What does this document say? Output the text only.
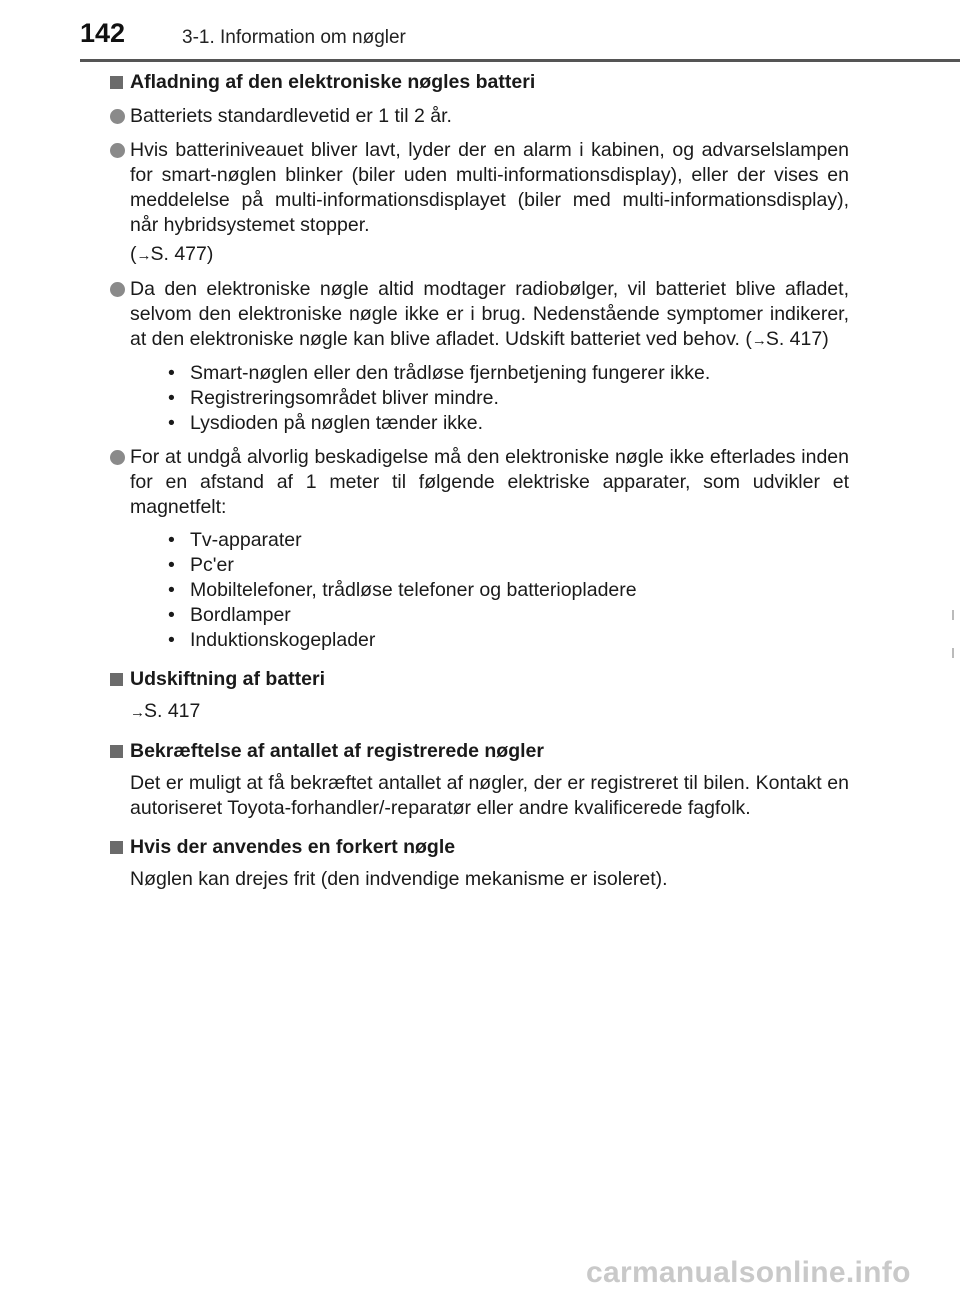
142	3-1. Information om nøgler
Afladning af den elektroniske nøgles batteri
Batteriets standardlevetid er 1 til 2 år.
Hvis batteriniveauet bliver lavt, lyder der en alarm i kabinen, og advarselslampen for smart-nøglen blinker (biler uden multi-informationsdisplay), eller der vises en meddelelse på multi-informationsdisplayet (biler med multi-informationsdisplay), når hybridsystemet stopper.
(→S. 477)
Da den elektroniske nøgle altid modtager radiobølger, vil batteriet blive afladet, selvom den elektroniske nøgle ikke er i brug. Nedenstående symptomer indikerer, at den elektroniske nøgle kan blive afladet. Udskift batteriet ved behov. (→S. 417)
• Smart-nøglen eller den trådløse fjernbetjening fungerer ikke.
• Registreringsområdet bliver mindre.
• Lysdioden på nøglen tænder ikke.
For at undgå alvorlig beskadigelse må den elektroniske nøgle ikke efterlades inden for en afstand af 1 meter til følgende elektriske apparater, som udvikler et magnetfelt:
• Tv-apparater
• Pc'er
• Mobiltelefoner, trådløse telefoner og batteriopladere
• Bordlamper
• Induktionskogeplader
Udskiftning af batteri
→S. 417
Bekræftelse af antallet af registrerede nøgler
Det er muligt at få bekræftet antallet af nøgler, der er registreret til bilen. Kontakt en autoriseret Toyota-forhandler/-reparatør eller andre kvalificerede fagfolk.
Hvis der anvendes en forkert nøgle
Nøglen kan drejes frit (den indvendige mekanisme er isoleret).
carmanualsonline.info
